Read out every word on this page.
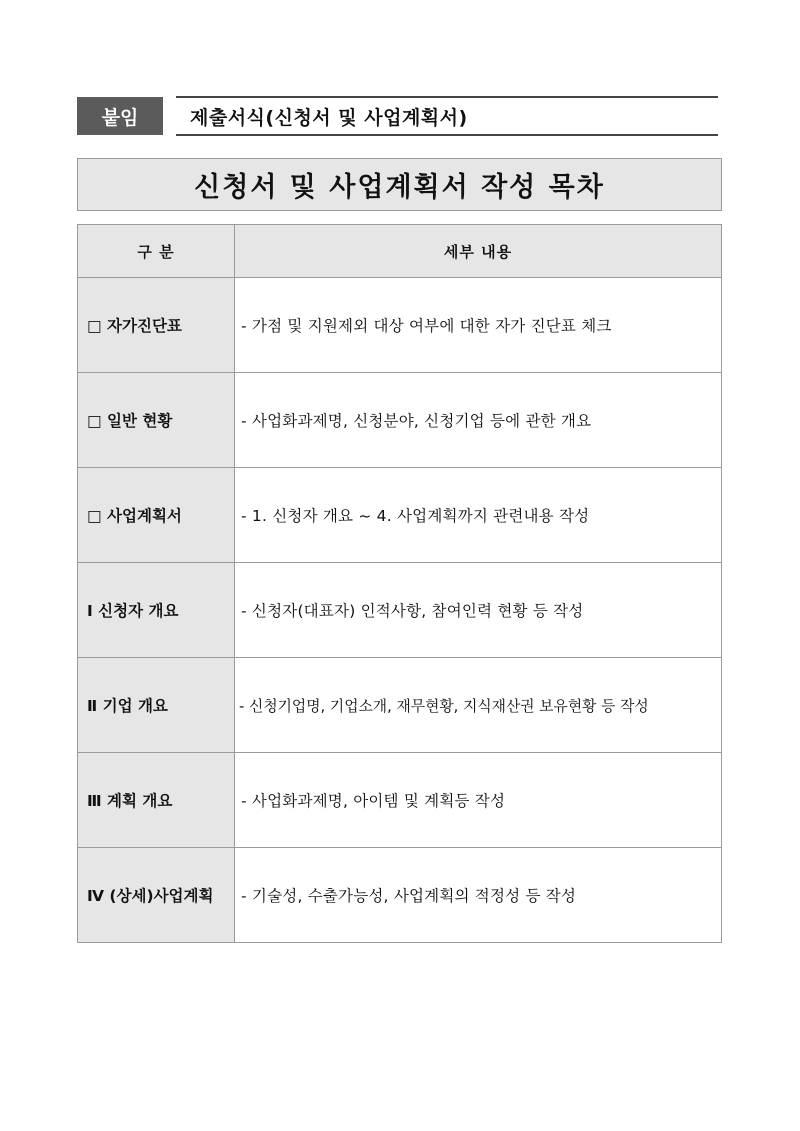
붙임	제출서식(신청서 및 사업계획서)
신청서 및 사업계획서 작성 목차
구 분	세부 내용
□ 자가진단표	- 가점 및 지원제외 대상 여부에 대한 자가 진단표 체크
□ 일반 현황	- 사업화과제명, 신청분야, 신청기업 등에 관한 개요
□ 사업계획서	- 1. 신청자 개요 ~ 4. 사업계획까지 관련내용 작성
Ⅰ 신청자 개요	- 신청자(대표자) 인적사항, 참여인력 현황 등 작성
Ⅱ 기업 개요	- 신청기업명, 기업소개, 재무현황, 지식재산권 보유현황 등 작성
Ⅲ 계획 개요	- 사업화과제명, 아이템 및 계획등 작성
Ⅳ (상세)사업계획	- 기술성, 수출가능성, 사업계획의 적정성 등 작성
